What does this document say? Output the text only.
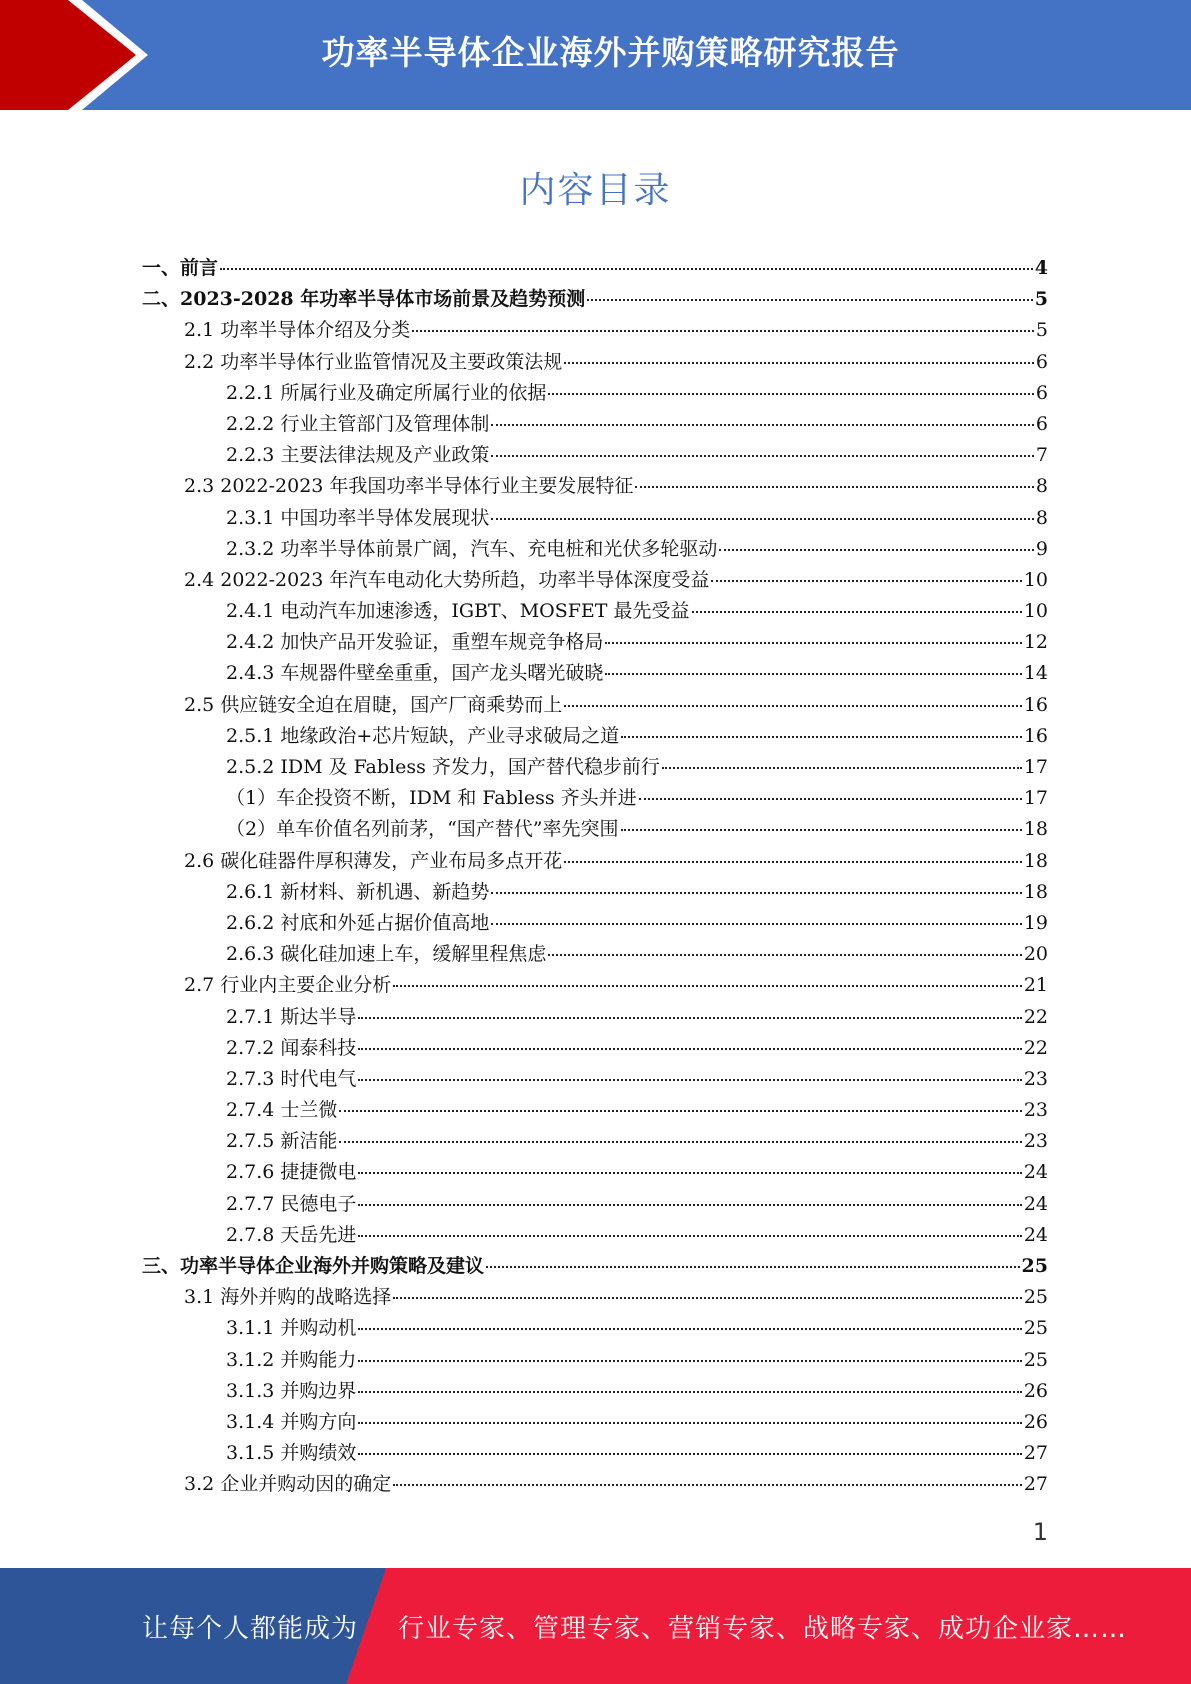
功率半导体企业海外并购策略研究报告
内容目录
一、前言	4
二、2023-2028 年功率半导体市场前景及趋势预测	5
2.1 功率半导体介绍及分类	5
2.2 功率半导体行业监管情况及主要政策法规	6
2.2.1 所属行业及确定所属行业的依据	6
2.2.2 行业主管部门及管理体制	6
2.2.3 主要法律法规及产业政策	7
2.3 2022-2023 年我国功率半导体行业主要发展特征	8
2.3.1 中国功率半导体发展现状	8
2.3.2 功率半导体前景广阔，汽车、充电桩和光伏多轮驱动	9
2.4 2022-2023 年汽车电动化大势所趋，功率半导体深度受益	10
2.4.1 电动汽车加速渗透，IGBT、MOSFET 最先受益	10
2.4.2 加快产品开发验证，重塑车规竞争格局	12
2.4.3 车规器件壁垒重重，国产龙头曙光破晓	14
2.5 供应链安全迫在眉睫，国产厂商乘势而上	16
2.5.1 地缘政治+芯片短缺，产业寻求破局之道	16
2.5.2 IDM 及 Fabless 齐发力，国产替代稳步前行	17
（1）车企投资不断，IDM 和 Fabless 齐头并进	17
（2）单车价值名列前茅，“国产替代”率先突围	18
2.6 碳化硅器件厚积薄发，产业布局多点开花	18
2.6.1 新材料、新机遇、新趋势	18
2.6.2 衬底和外延占据价值高地	19
2.6.3 碳化硅加速上车，缓解里程焦虑	20
2.7 行业内主要企业分析	21
2.7.1 斯达半导	22
2.7.2 闻泰科技	22
2.7.3 时代电气	23
2.7.4 士兰微	23
2.7.5 新洁能	23
2.7.6 捷捷微电	24
2.7.7 民德电子	24
2.7.8 天岳先进	24
三、功率半导体企业海外并购策略及建议	25
3.1 海外并购的战略选择	25
3.1.1 并购动机	25
3.1.2 并购能力	25
3.1.3 并购边界	26
3.1.4 并购方向	26
3.1.5 并购绩效	27
3.2 企业并购动因的确定	27
1
让每个人都能成为 行业专家、管理专家、营销专家、战略专家、成功企业家……
